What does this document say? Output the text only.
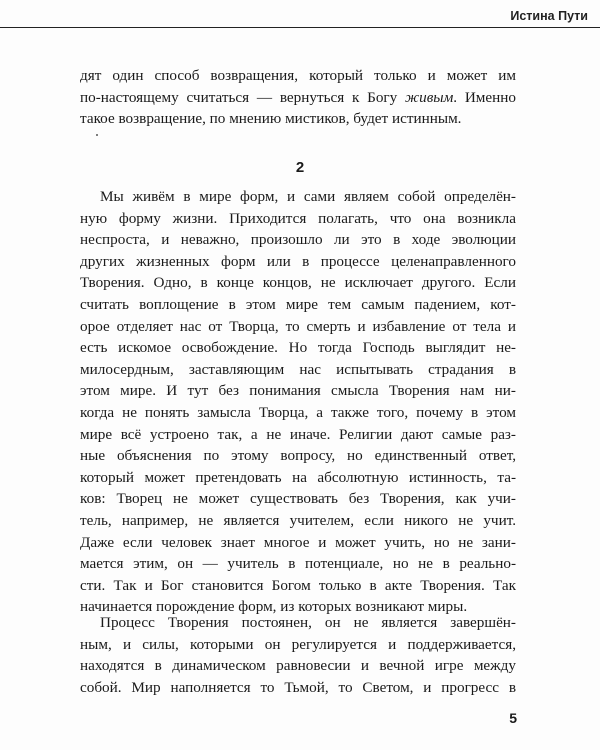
Истина Пути
дят один способ возвращения, который только и может им
по-настоящему считаться — вернуться к Богу живым. Именно
такое возвращение, по мнению мистиков, будет истинным.
2
Мы живём в мире форм, и сами являем собой определён-
ную форму жизни. Приходится полагать, что она возникла
неспроста, и неважно, произошло ли это в ходе эволюции
других жизненных форм или в процессе целенаправленного
Творения. Одно, в конце концов, не исключает другого. Если
считать воплощение в этом мире тем самым падением, кот-
орое отделяет нас от Творца, то смерть и избавление от тела и
есть искомое освобождение. Но тогда Господь выглядит не-
милосердным, заставляющим нас испытывать страдания в
этом мире. И тут без понимания смысла Творения нам ни-
когда не понять замысла Творца, а также того, почему в этом
мире всё устроено так, а не иначе. Религии дают самые раз-
ные объяснения по этому вопросу, но единственный ответ,
который может претендовать на абсолютную истинность, та-
ков: Творец не может существовать без Творения, как учи-
тель, например, не является учителем, если никого не учит.
Даже если человек знает многое и может учить, но не зани-
мается этим, он — учитель в потенциале, но не в реально-
сти. Так и Бог становится Богом только в акте Творения. Так
начинается порождение форм, из которых возникают миры.
Процесс Творения постоянен, он не является завершён-
ным, и силы, которыми он регулируется и поддерживается,
находятся в динамическом равновесии и вечной игре между
собой. Мир наполняется то Тьмой, то Светом, и прогресс в
5
